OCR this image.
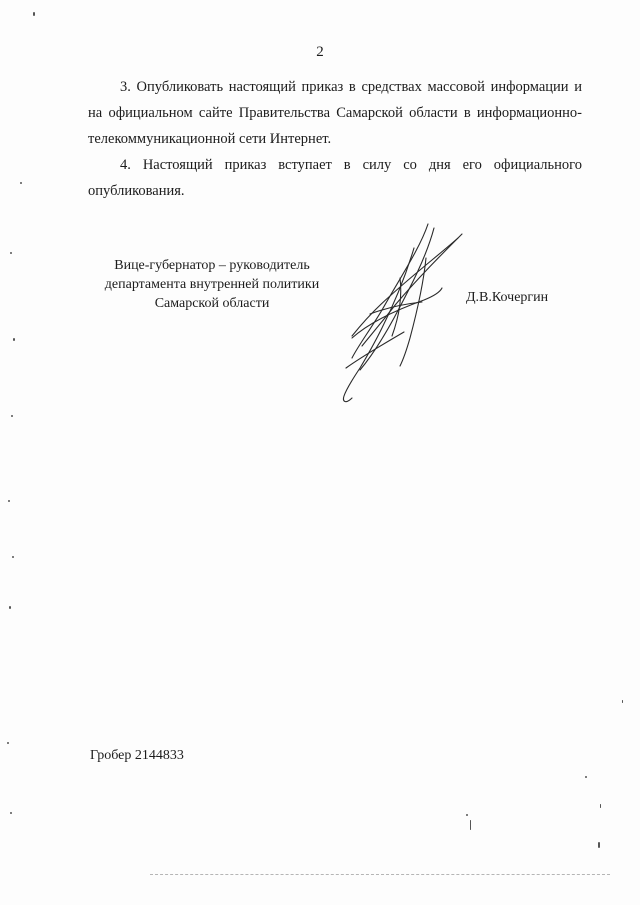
2

3. Опубликовать настоящий приказ в средствах массовой информации и на официальном сайте Правительства Самарской области в информационно-телекоммуникационной сети Интернет.

4. Настоящий приказ вступает в силу со дня его официального опубликования.

Вице-губернатор – руководитель
департамента внутренней политики
Самарской области	Д.В.Кочергин
Гробер 2144833
